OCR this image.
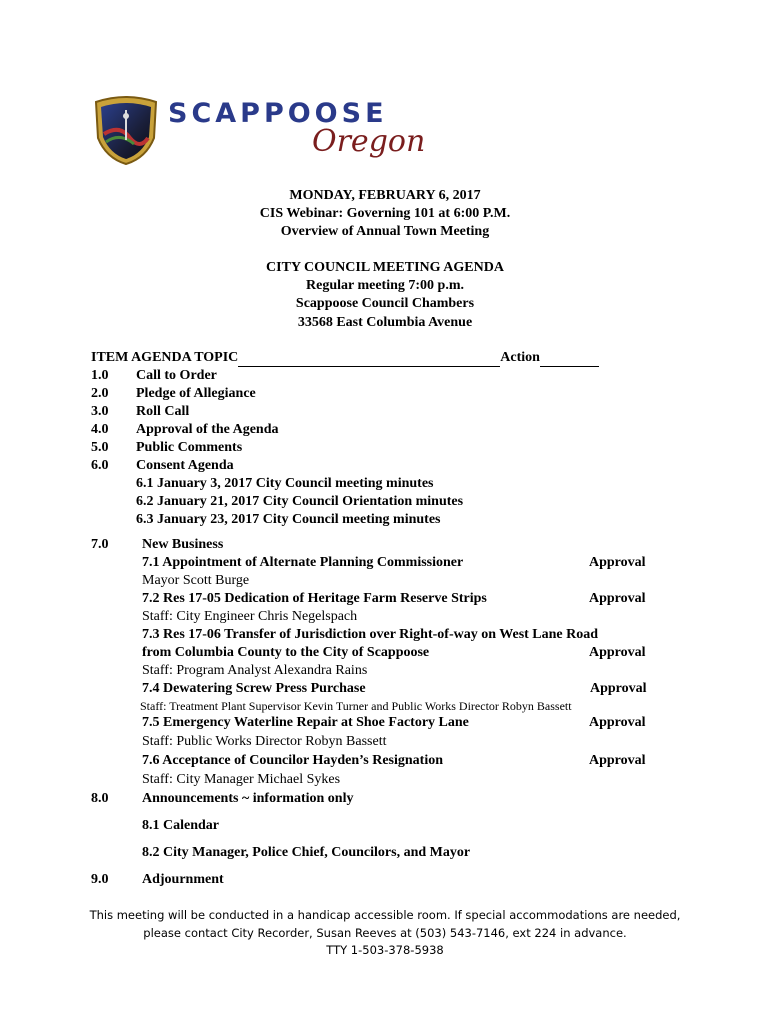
SCAPPOOSE
Oregon
MONDAY, FEBRUARY 6, 2017
CIS Webinar: Governing 101 at 6:00 P.M.
Overview of Annual Town Meeting
CITY COUNCIL MEETING AGENDA
Regular meeting 7:00 p.m.
Scappoose Council Chambers
33568 East Columbia Avenue
ITEM AGENDA TOPIC	Action
1.0 Call to Order
2.0 Pledge of Allegiance
3.0 Roll Call
4.0 Approval of the Agenda
5.0 Public Comments
6.0 Consent Agenda
6.1 January 3, 2017 City Council meeting minutes
6.2 January 21, 2017 City Council Orientation minutes
6.3 January 23, 2017 City Council meeting minutes
7.0 New Business
7.1 Appointment of Alternate Planning Commissioner	Approval
Mayor Scott Burge
7.2 Res 17-05 Dedication of Heritage Farm Reserve Strips	Approval
Staff: City Engineer Chris Negelspach
7.3 Res 17-06 Transfer of Jurisdiction over Right-of-way on West Lane Road
from Columbia County to the City of Scappoose	Approval
Staff: Program Analyst Alexandra Rains
7.4 Dewatering Screw Press Purchase	Approval
Staff: Treatment Plant Supervisor Kevin Turner and Public Works Director Robyn Bassett
7.5 Emergency Waterline Repair at Shoe Factory Lane	Approval
Staff: Public Works Director Robyn Bassett
7.6 Acceptance of Councilor Hayden’s Resignation	Approval
Staff: City Manager Michael Sykes
8.0 Announcements ~ information only
8.1 Calendar
8.2 City Manager, Police Chief, Councilors, and Mayor
9.0 Adjournment
This meeting will be conducted in a handicap accessible room. If special accommodations are needed,
please contact City Recorder, Susan Reeves at (503) 543-7146, ext 224 in advance.
TTY 1-503-378-5938
